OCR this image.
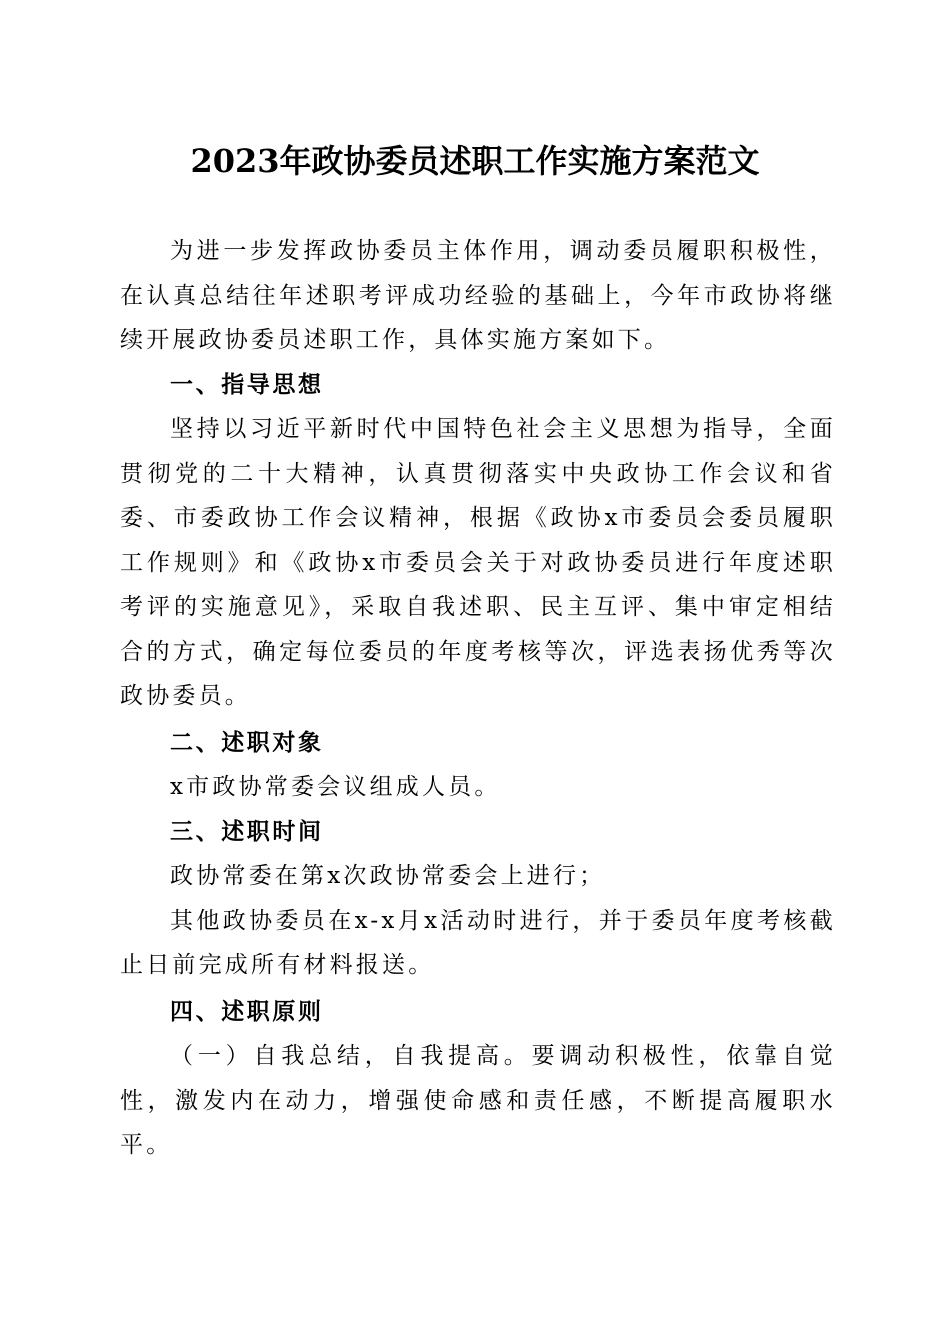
2023年政协委员述职工作实施方案范文

为进一步发挥政协委员主体作用，调动委员履职积极性，在认真总结往年述职考评成功经验的基础上，今年市政协将继续开展政协委员述职工作，具体实施方案如下。

一、指导思想

坚持以习近平新时代中国特色社会主义思想为指导，全面贯彻党的二十大精神，认真贯彻落实中央政协工作会议和省委、市委政协工作会议精神，根据《政协x市委员会委员履职工作规则》和《政协x市委员会关于对政协委员进行年度述职考评的实施意见》，采取自我述职、民主互评、集中审定相结合的方式，确定每位委员的年度考核等次，评选表扬优秀等次政协委员。

二、述职对象

x市政协常委会议组成人员。

三、述职时间

政协常委在第x次政协常委会上进行；

其他政协委员在x-x月x活动时进行，并于委员年度考核截止日前完成所有材料报送。

四、述职原则

（一）自我总结，自我提高。要调动积极性，依靠自觉性，激发内在动力，增强使命感和责任感，不断提高履职水平。
